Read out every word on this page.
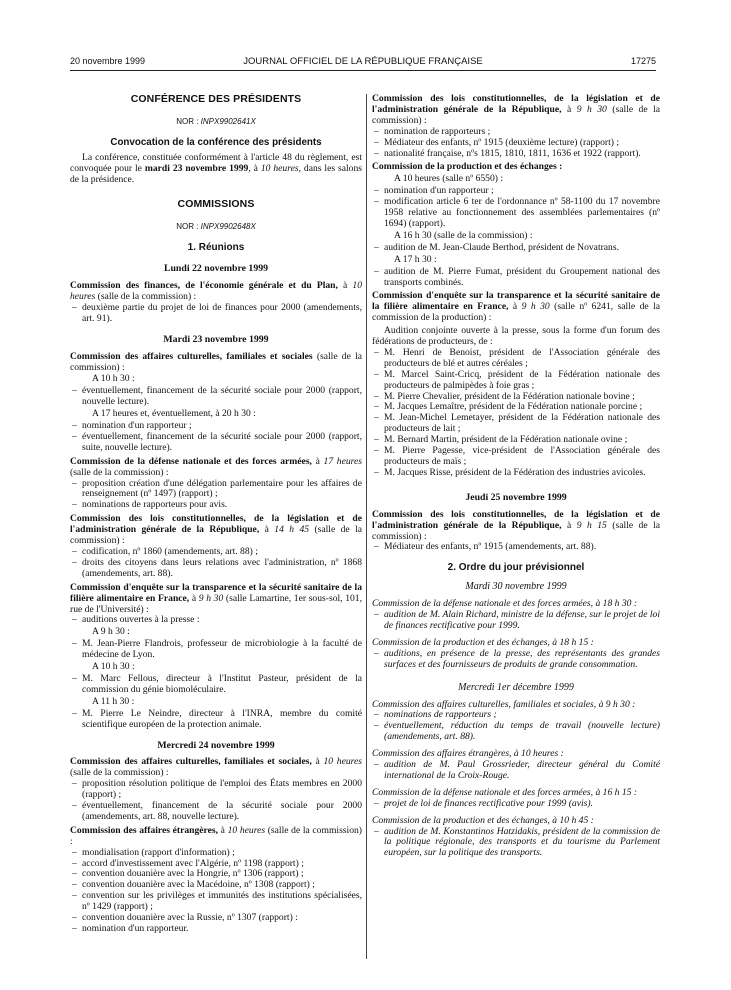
20 novembre 1999	JOURNAL OFFICIEL DE LA RÉPUBLIQUE FRANÇAISE	17275
CONFÉRENCE DES PRÉSIDENTS
NOR : INPX9902641X
Convocation de la conférence des présidents
La conférence, constituée conformément à l'article 48 du règlement, est convoquée pour le mardi 23 novembre 1999, à 10 heures, dans les salons de la présidence.
COMMISSIONS
NOR : INPX9902648X
1. Réunions
Lundi 22 novembre 1999
Commission des finances, de l'économie générale et du Plan, à 10 heures (salle de la commission) :
– deuxième partie du projet de loi de finances pour 2000 (amendements, art. 91).
Mardi 23 novembre 1999
Commission des affaires culturelles, familiales et sociales (salle de la commission) :
A 10 h 30 :
– éventuellement, financement de la sécurité sociale pour 2000 (rapport, nouvelle lecture).
A 17 heures et, éventuellement, à 20 h 30 :
– nomination d'un rapporteur ;
– éventuellement, financement de la sécurité sociale pour 2000 (rapport, suite, nouvelle lecture).
Commission de la défense nationale et des forces armées, à 17 heures (salle de la commission) :
– proposition création d'une délégation parlementaire pour les affaires de renseignement (nº 1497) (rapport) ;
– nominations de rapporteurs pour avis.
Commission des lois constitutionnelles, de la législation et de l'administration générale de la République, à 14 h 45 (salle de la commission) :
– codification, nº 1860 (amendements, art. 88) ;
– droits des citoyens dans leurs relations avec l'administration, nº 1868 (amendements, art. 88).
Commission d'enquête sur la transparence et la sécurité sanitaire de la filière alimentaire en France, à 9 h 30 (salle Lamartine, 1er sous-sol, 101, rue de l'Université) :
– auditions ouvertes à la presse :
A 9 h 30 :
– M. Jean-Pierre Flandrois, professeur de microbiologie à la faculté de médecine de Lyon.
A 10 h 30 :
– M. Marc Fellous, directeur à l'Institut Pasteur, président de la commission du génie biomoléculaire.
A 11 h 30 :
– M. Pierre Le Neindre, directeur à l'INRA, membre du comité scientifique européen de la protection animale.
Mercredi 24 novembre 1999
Commission des affaires culturelles, familiales et sociales, à 10 heures (salle de la commission) :
– proposition résolution politique de l'emploi des États membres en 2000 (rapport) ;
– éventuellement, financement de la sécurité sociale pour 2000 (amendements, art. 88, nouvelle lecture).
Commission des affaires étrangères, à 10 heures (salle de la commission) :
– mondialisation (rapport d'information) ;
– accord d'investissement avec l'Algérie, nº 1198 (rapport) ;
– convention douanière avec la Hongrie, nº 1306 (rapport) ;
– convention douanière avec la Macédoine, nº 1308 (rapport) ;
– convention sur les privilèges et immunités des institutions spécialisées, nº 1429 (rapport) ;
– convention douanière avec la Russie, nº 1307 (rapport) :
– nomination d'un rapporteur.
Commission des lois constitutionnelles, de la législation et de l'administration générale de la République, à 9 h 30 (salle de la commission) :
– nomination de rapporteurs ;
– Médiateur des enfants, nº 1915 (deuxième lecture) (rapport) ;
– nationalité française, nºs 1815, 1810, 1811, 1636 et 1922 (rapport).
Commission de la production et des échanges :
A 10 heures (salle nº 6550) :
– nomination d'un rapporteur ;
– modification article 6 ter de l'ordonnance nº 58-1100 du 17 novembre 1958 relative au fonctionnement des assemblées parlementaires (nº 1694) (rapport).
A 16 h 30 (salle de la commission) :
– audition de M. Jean-Claude Berthod, président de Novatrans.
A 17 h 30 :
– audition de M. Pierre Fumat, président du Groupement national des transports combinés.
Commission d'enquête sur la transparence et la sécurité sanitaire de la filière alimentaire en France, à 9 h 30 (salle nº 6241, salle de la commission de la production) :
Audition conjointe ouverte à la presse, sous la forme d'un forum des fédérations de producteurs, de :
– M. Henri de Benoist, président de l'Association générale des producteurs de blé et autres céréales ;
– M. Marcel Saint-Cricq, président de la Fédération nationale des producteurs de palmipèdes à foie gras ;
– M. Pierre Chevalier, président de la Fédération nationale bovine ;
– M. Jacques Lemaître, président de la Fédération nationale porcine ;
– M. Jean-Michel Lemetayer, président de la Fédération nationale des producteurs de lait ;
– M. Bernard Martin, président de la Fédération nationale ovine ;
– M. Pierre Pagesse, vice-président de l'Association générale des producteurs de maïs ;
– M. Jacques Risse, président de la Fédération des industries avicoles.
Jeudi 25 novembre 1999
Commission des lois constitutionnelles, de la législation et de l'administration générale de la République, à 9 h 15 (salle de la commission) :
– Médiateur des enfants, nº 1915 (amendements, art. 88).
2. Ordre du jour prévisionnel
Mardi 30 novembre 1999
Commission de la défense nationale et des forces armées, à 18 h 30 :
– audition de M. Alain Richard, ministre de la défense, sur le projet de loi de finances rectificative pour 1999.
Commission de la production et des échanges, à 18 h 15 :
– auditions, en présence de la presse, des représentants des grandes surfaces et des fournisseurs de produits de grande consommation.
Mercredi 1er décembre 1999
Commission des affaires culturelles, familiales et sociales, à 9 h 30 :
– nominations de rapporteurs ;
– éventuellement, réduction du temps de travail (nouvelle lecture) (amendements, art. 88).
Commission des affaires étrangères, à 10 heures :
– audition de M. Paul Grossrieder, directeur général du Comité international de la Croix-Rouge.
Commission de la défense nationale et des forces armées, à 16 h 15 :
– projet de loi de finances rectificative pour 1999 (avis).
Commission de la production et des échanges, à 10 h 45 :
– audition de M. Konstantinos Hatzidakis, président de la commission de la politique régionale, des transports et du tourisme du Parlement européen, sur la politique des transports.
